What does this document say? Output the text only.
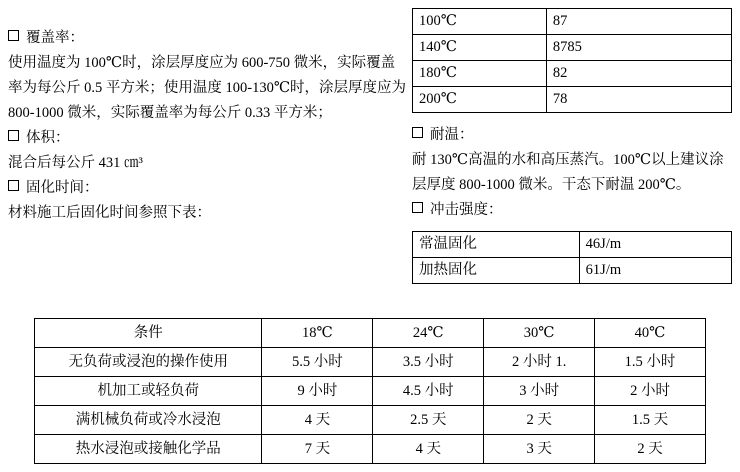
覆盖率：
使用温度为 100℃时，涂层厚度应为 600-750 微米，实际覆盖率为每公斤 0.5 平方米；使用温度 100-130℃时，涂层厚度应为 800-1000 微米，实际覆盖率为每公斤 0.33 平方米；
体积：
混合后每公斤 431 ㎝³
固化时间：
材料施工后固化时间参照下表：
100℃	87
140℃	8785
180℃	82
200℃	78
耐温：
耐 130℃高温的水和高压蒸汽。100℃以上建议涂层厚度 800-1000 微米。干态下耐温 200℃。
冲击强度：
常温固化	46J/m
加热固化	61J/m
条件	18℃	24℃	30℃	40℃
无负荷或浸泡的操作使用	5.5 小时	3.5 小时	2 小时 1.	1.5 小时
机加工或轻负荷	9 小时	4.5 小时	3 小时	2 小时
满机械负荷或冷水浸泡	4 天	2.5 天	2 天	1.5 天
热水浸泡或接触化学品	7 天	4 天	3 天	2 天
